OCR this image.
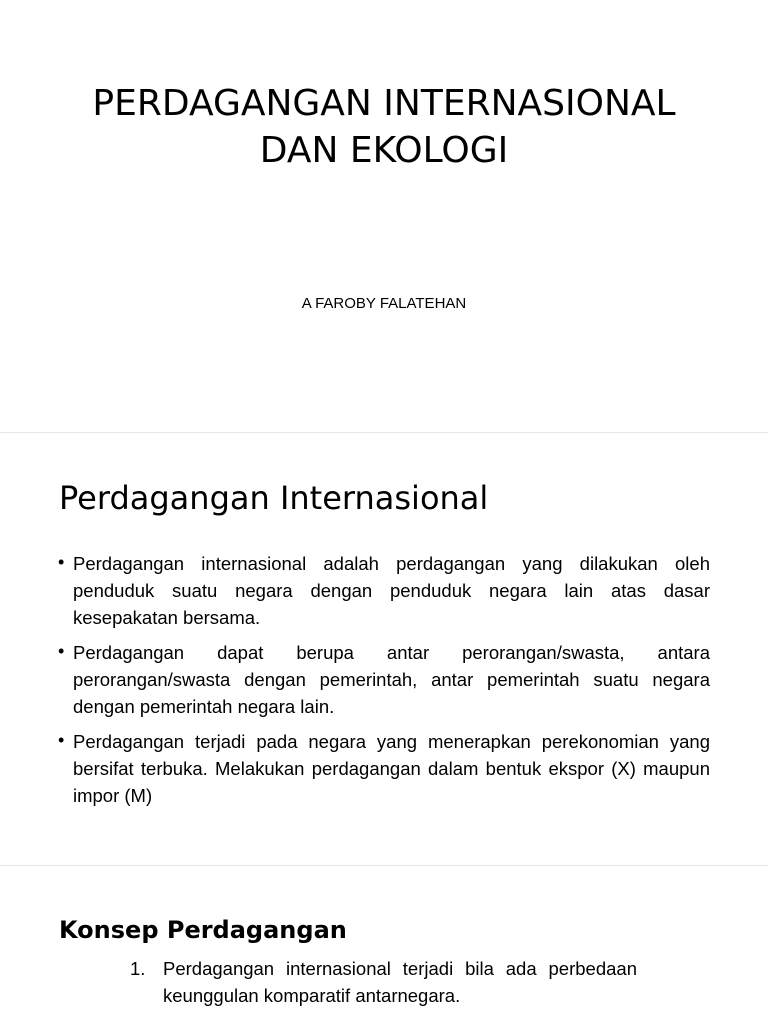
PERDAGANGAN INTERNASIONAL DAN EKOLOGI
A FAROBY FALATEHAN
Perdagangan Internasional
• Perdagangan internasional adalah perdagangan yang dilakukan oleh penduduk suatu negara dengan penduduk negara lain atas dasar kesepakatan bersama.
• Perdagangan dapat berupa antar perorangan/swasta, antara perorangan/swasta dengan pemerintah, antar pemerintah suatu negara dengan pemerintah negara lain.
• Perdagangan terjadi pada negara yang menerapkan perekonomian yang bersifat terbuka. Melakukan perdagangan dalam bentuk ekspor (X) maupun impor (M)
Konsep Perdagangan
1. Perdagangan internasional terjadi bila ada perbedaan keunggulan komparatif antarnegara.
